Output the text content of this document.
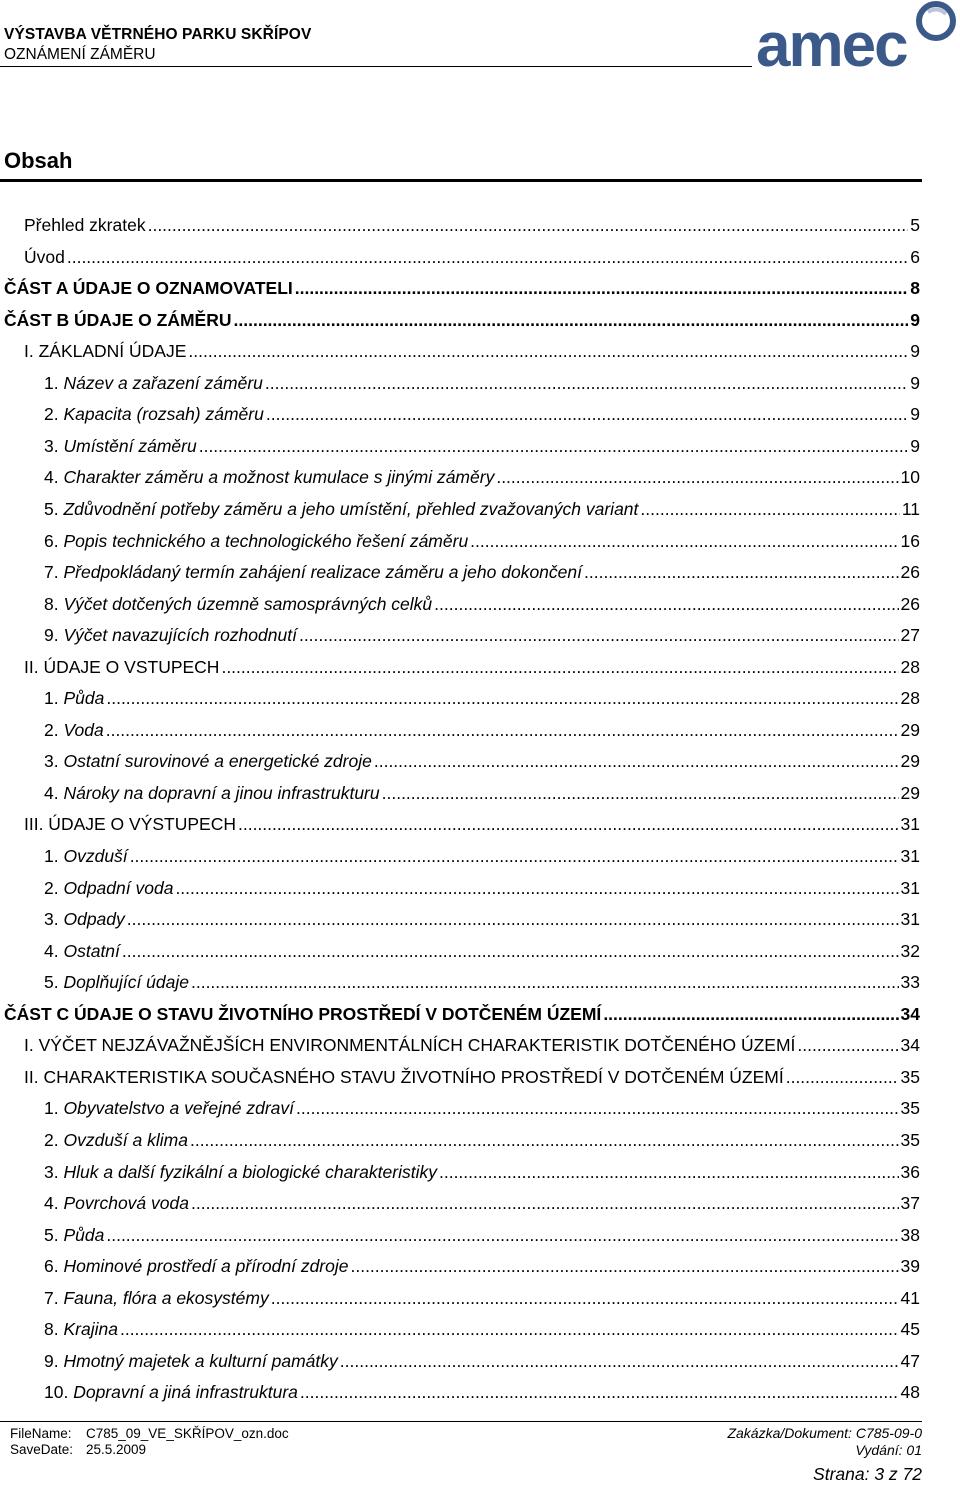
VÝSTAVBA VĚTRNÉHO PARKU SKŘÍPOV
OZNÁMENÍ ZÁMĚRU	amec
Obsah
Přehled zkratek .....	5
Úvod .....	6
ČÁST A ÚDAJE O OZNAMOVATELI .....	8
ČÁST B ÚDAJE O ZÁMĚRU .....	9
I. ZÁKLADNÍ ÚDAJE .....	9
1. Název a zařazení záměru .....	9
2. Kapacita (rozsah) záměru .....	9
3. Umístění záměru .....	9
4. Charakter záměru a možnost kumulace s jinými záměry .....	10
5. Zdůvodnění potřeby záměru a jeho umístění, přehled zvažovaných variant .....	11
6. Popis technického a technologického řešení záměru .....	16
7. Předpokládaný termín zahájení realizace záměru a jeho dokončení .....	26
8. Výčet dotčených územně samosprávných celků .....	26
9. Výčet navazujících rozhodnutí .....	27
II. ÚDAJE O VSTUPECH .....	28
1. Půda .....	28
2. Voda .....	29
3. Ostatní surovinové a energetické zdroje .....	29
4. Nároky na dopravní a jinou infrastrukturu .....	29
III. ÚDAJE O VÝSTUPECH .....	31
1. Ovzduší .....	31
2. Odpadní voda .....	31
3. Odpady .....	31
4. Ostatní .....	32
5. Doplňující údaje .....	33
ČÁST C ÚDAJE O STAVU ŽIVOTNÍHO PROSTŘEDÍ V DOTČENÉM ÚZEMÍ .....	34
I. VÝČET NEJZÁVAŽNĚJŠÍCH ENVIRONMENTÁLNÍCH CHARAKTERISTIK DOTČENÉHO ÚZEMÍ .....	34
II. CHARAKTERISTIKA SOUČASNÉHO STAVU ŽIVOTNÍHO PROSTŘEDÍ V DOTČENÉM ÚZEMÍ .....	35
1. Obyvatelstvo a veřejné zdraví .....	35
2. Ovzduší a klima .....	35
3. Hluk a další fyzikální a biologické charakteristiky .....	36
4. Povrchová voda .....	37
5. Půda .....	38
6. Hominové prostředí a přírodní zdroje .....	39
7. Fauna, flóra a ekosystémy .....	41
8. Krajina .....	45
9. Hmotný majetek a kulturní památky .....	47
10. Dopravní a jiná infrastruktura .....	48
FileName: C785_09_VE_SKŘÍPOV_ozn.doc
SaveDate: 25.5.2009
Zakázka/Dokument: C785-09-0
Vydání: 01
Strana: 3 z 72
